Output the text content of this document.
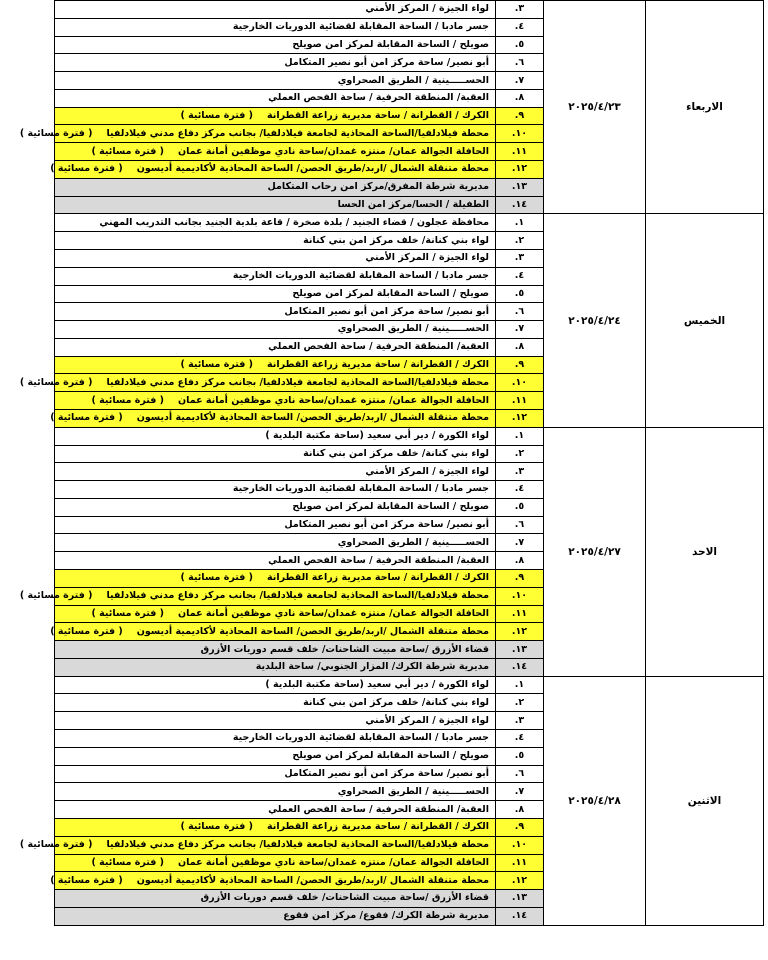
الاربعاء	٢٠٢٥/٤/٢٣	٣.	لواء الجيزة / المركز الأمني
		٤.	جسر مادبا / الساحة المقابلة لقضائية الدوريات الخارجية
		٥.	صويلح / الساحة المقابلة لمركز امن صويلح
		٦.	أبو نصير/ ساحة مركز امن أبو نصير المتكامل
		٧.	الحســـــينية / الطريق الصحراوي
		٨.	العقبة/ المنطقة الحرفية / ساحة الفحص العملي
		٩.	الكرك / القطرانة / ساحة مديرية زراعة القطرانة( فترة مسائية )
		١٠.	محطة فيلادلفيا/الساحة المحاذية لجامعة فيلادلفيا/ بجانب مركز دفاع مدني فيلادلفيا( فترة مسائية )
		١١.	الحافلة الجوالة عمان/ منتزه غمدان/ساحة نادي موظفين أمانة عمان( فترة مسائية )
		١٢.	محطة متنقلة الشمال /اربد/طريق الحصن/ الساحة المحاذية لأكاديمية أديسون( فترة مسائية )
		١٣.	مديرية شرطة المفرق/مركز امن رحاب المتكامل
		١٤.	الطفيلة / الحسا/مركز امن الحسا
الخميس	٢٠٢٥/٤/٢٤	١.	محافظة عجلون / قضاء الجنيد / بلدة صخرة / قاعة بلدية الجنيد بجانب التدريب المهني
		٢.	لواء بني كنانة/ خلف مركز امن بني كنانة
		٣.	لواء الجيزة / المركز الأمني
		٤.	جسر مادبا / الساحة المقابلة لقضائية الدوريات الخارجية
		٥.	صويلح / الساحة المقابلة لمركز امن صويلح
		٦.	أبو نصير/ ساحة مركز امن أبو نصير المتكامل
		٧.	الحســـــينية / الطريق الصحراوي
		٨.	العقبة/ المنطقة الحرفية / ساحة الفحص العملي
		٩.	الكرك / القطرانة / ساحة مديرية زراعة القطرانة( فترة مسائية )
		١٠.	محطة فيلادلفيا/الساحة المحاذية لجامعة فيلادلفيا/ بجانب مركز دفاع مدني فيلادلفيا( فترة مسائية )
		١١.	الحافلة الجوالة عمان/ منتزه غمدان/ساحة نادي موظفين أمانة عمان( فترة مسائية )
		١٢.	محطة متنقلة الشمال /اربد/طريق الحصن/ الساحة المحاذية لأكاديمية أديسون( فترة مسائية )
الاحد	٢٠٢٥/٤/٢٧	١.	لواء الكورة / دير أبي سعيد (ساحة مكتبة البلدية )
		٢.	لواء بني كنانة/ خلف مركز امن بني كنانة
		٣.	لواء الجيزة / المركز الأمني
		٤.	جسر مادبا / الساحة المقابلة لقضائية الدوريات الخارجية
		٥.	صويلح / الساحة المقابلة لمركز امن صويلح
		٦.	أبو نصير/ ساحة مركز امن أبو نصير المتكامل
		٧.	الحســـــينية / الطريق الصحراوي
		٨.	العقبة/ المنطقة الحرفية / ساحة الفحص العملي
		٩.	الكرك / القطرانة / ساحة مديرية زراعة القطرانة( فترة مسائية )
		١٠.	محطة فيلادلفيا/الساحة المحاذية لجامعة فيلادلفيا/ بجانب مركز دفاع مدني فيلادلفيا( فترة مسائية )
		١١.	الحافلة الجوالة عمان/ منتزه غمدان/ساحة نادي موظفين أمانة عمان( فترة مسائية )
		١٢.	محطة متنقلة الشمال /اربد/طريق الحصن/ الساحة المحاذية لأكاديمية أديسون( فترة مسائية )
		١٣.	قضاء الأزرق /ساحة مبيت الشاحنات/ خلف قسم دوريات الأزرق
		١٤.	مديرية شرطة الكرك/ المزار الجنوبي/ ساحة البلدية
الاثنين	٢٠٢٥/٤/٢٨	١.	لواء الكورة / دير أبي سعيد (ساحة مكتبة البلدية )
		٢.	لواء بني كنانة/ خلف مركز امن بني كنانة
		٣.	لواء الجيزة / المركز الأمني
		٤.	جسر مادبا / الساحة المقابلة لقضائية الدوريات الخارجية
		٥.	صويلح / الساحة المقابلة لمركز امن صويلح
		٦.	أبو نصير/ ساحة مركز امن أبو نصير المتكامل
		٧.	الحســـــينية / الطريق الصحراوي
		٨.	العقبة/ المنطقة الحرفية / ساحة الفحص العملي
		٩.	الكرك / القطرانة / ساحة مديرية زراعة القطرانة( فترة مسائية )
		١٠.	محطة فيلادلفيا/الساحة المحاذية لجامعة فيلادلفيا/ بجانب مركز دفاع مدني فيلادلفيا( فترة مسائية )
		١١.	الحافلة الجوالة عمان/ منتزه غمدان/ساحة نادي موظفين أمانة عمان( فترة مسائية )
		١٢.	محطة متنقلة الشمال /اربد/طريق الحصن/ الساحة المحاذية لأكاديمية أديسون( فترة مسائية )
		١٣.	قضاء الأزرق /ساحة مبيت الشاحنات/ خلف قسم دوريات الأزرق
		١٤.	مديرية شرطة الكرك/ فقوع/ مركز امن فقوع
